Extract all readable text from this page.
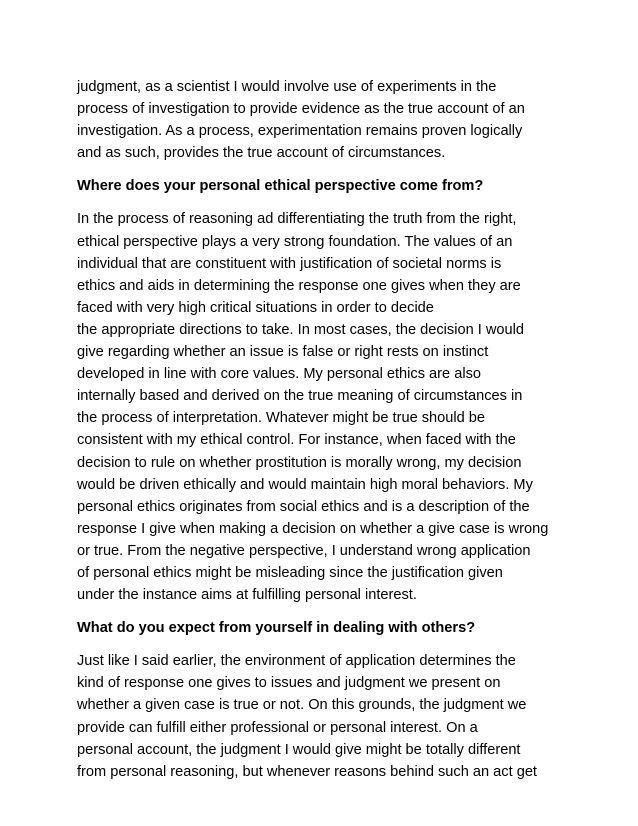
judgment, as a scientist I would involve use of experiments in the
process of investigation to provide evidence as the true account of an
investigation. As a process, experimentation remains proven logically
and as such, provides the true account of circumstances.
Where does your personal ethical perspective come from?
In the process of reasoning ad differentiating the truth from the right,
ethical perspective plays a very strong foundation. The values of an
individual that are constituent with justification of societal norms is
ethics and aids in determining the response one gives when they are
faced with very high critical situations in order to decide
the appropriate directions to take. In most cases, the decision I would
give regarding whether an issue is false or right rests on instinct
developed in line with core values. My personal ethics are also
internally based and derived on the true meaning of circumstances in
the process of interpretation. Whatever might be true should be
consistent with my ethical control. For instance, when faced with the
decision to rule on whether prostitution is morally wrong, my decision
would be driven ethically and would maintain high moral behaviors. My
personal ethics originates from social ethics and is a description of the
response I give when making a decision on whether a give case is wrong
or true. From the negative perspective, I understand wrong application
of personal ethics might be misleading since the justification given
under the instance aims at fulfilling personal interest.
What do you expect from yourself in dealing with others?
Just like I said earlier, the environment of application determines the
kind of response one gives to issues and judgment we present on
whether a given case is true or not. On this grounds, the judgment we
provide can fulfill either professional or personal interest. On a
personal account, the judgment I would give might be totally different
from personal reasoning, but whenever reasons behind such an act get
